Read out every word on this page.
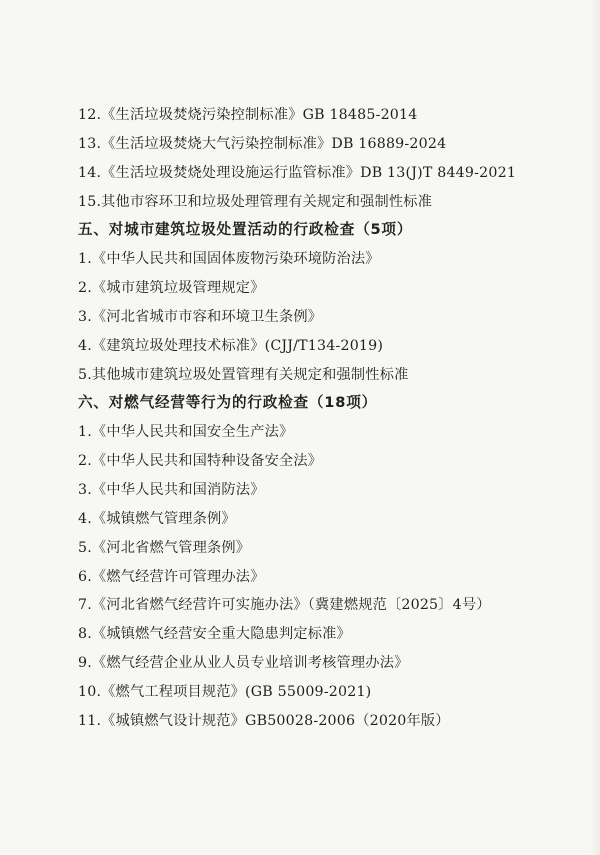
12.《生活垃圾焚烧污染控制标准》GB 18485-2014
13.《生活垃圾焚烧大气污染控制标准》DB 16889-2024
14.《生活垃圾焚烧处理设施运行监管标准》DB 13(J)T 8449-2021
15.其他市容环卫和垃圾处理管理有关规定和强制性标准
五、对城市建筑垃圾处置活动的行政检查（5项）
1.《中华人民共和国固体废物污染环境防治法》
2.《城市建筑垃圾管理规定》
3.《河北省城市市容和环境卫生条例》
4.《建筑垃圾处理技术标准》(CJJ/T134-2019)
5.其他城市建筑垃圾处置管理有关规定和强制性标准
六、对燃气经营等行为的行政检查（18项）
1.《中华人民共和国安全生产法》
2.《中华人民共和国特种设备安全法》
3.《中华人民共和国消防法》
4.《城镇燃气管理条例》
5.《河北省燃气管理条例》
6.《燃气经营许可管理办法》
7.《河北省燃气经营许可实施办法》（冀建燃规范〔2025〕4号）
8.《城镇燃气经营安全重大隐患判定标准》
9.《燃气经营企业从业人员专业培训考核管理办法》
10.《燃气工程项目规范》(GB 55009-2021)
11.《城镇燃气设计规范》GB50028-2006（2020年版）
